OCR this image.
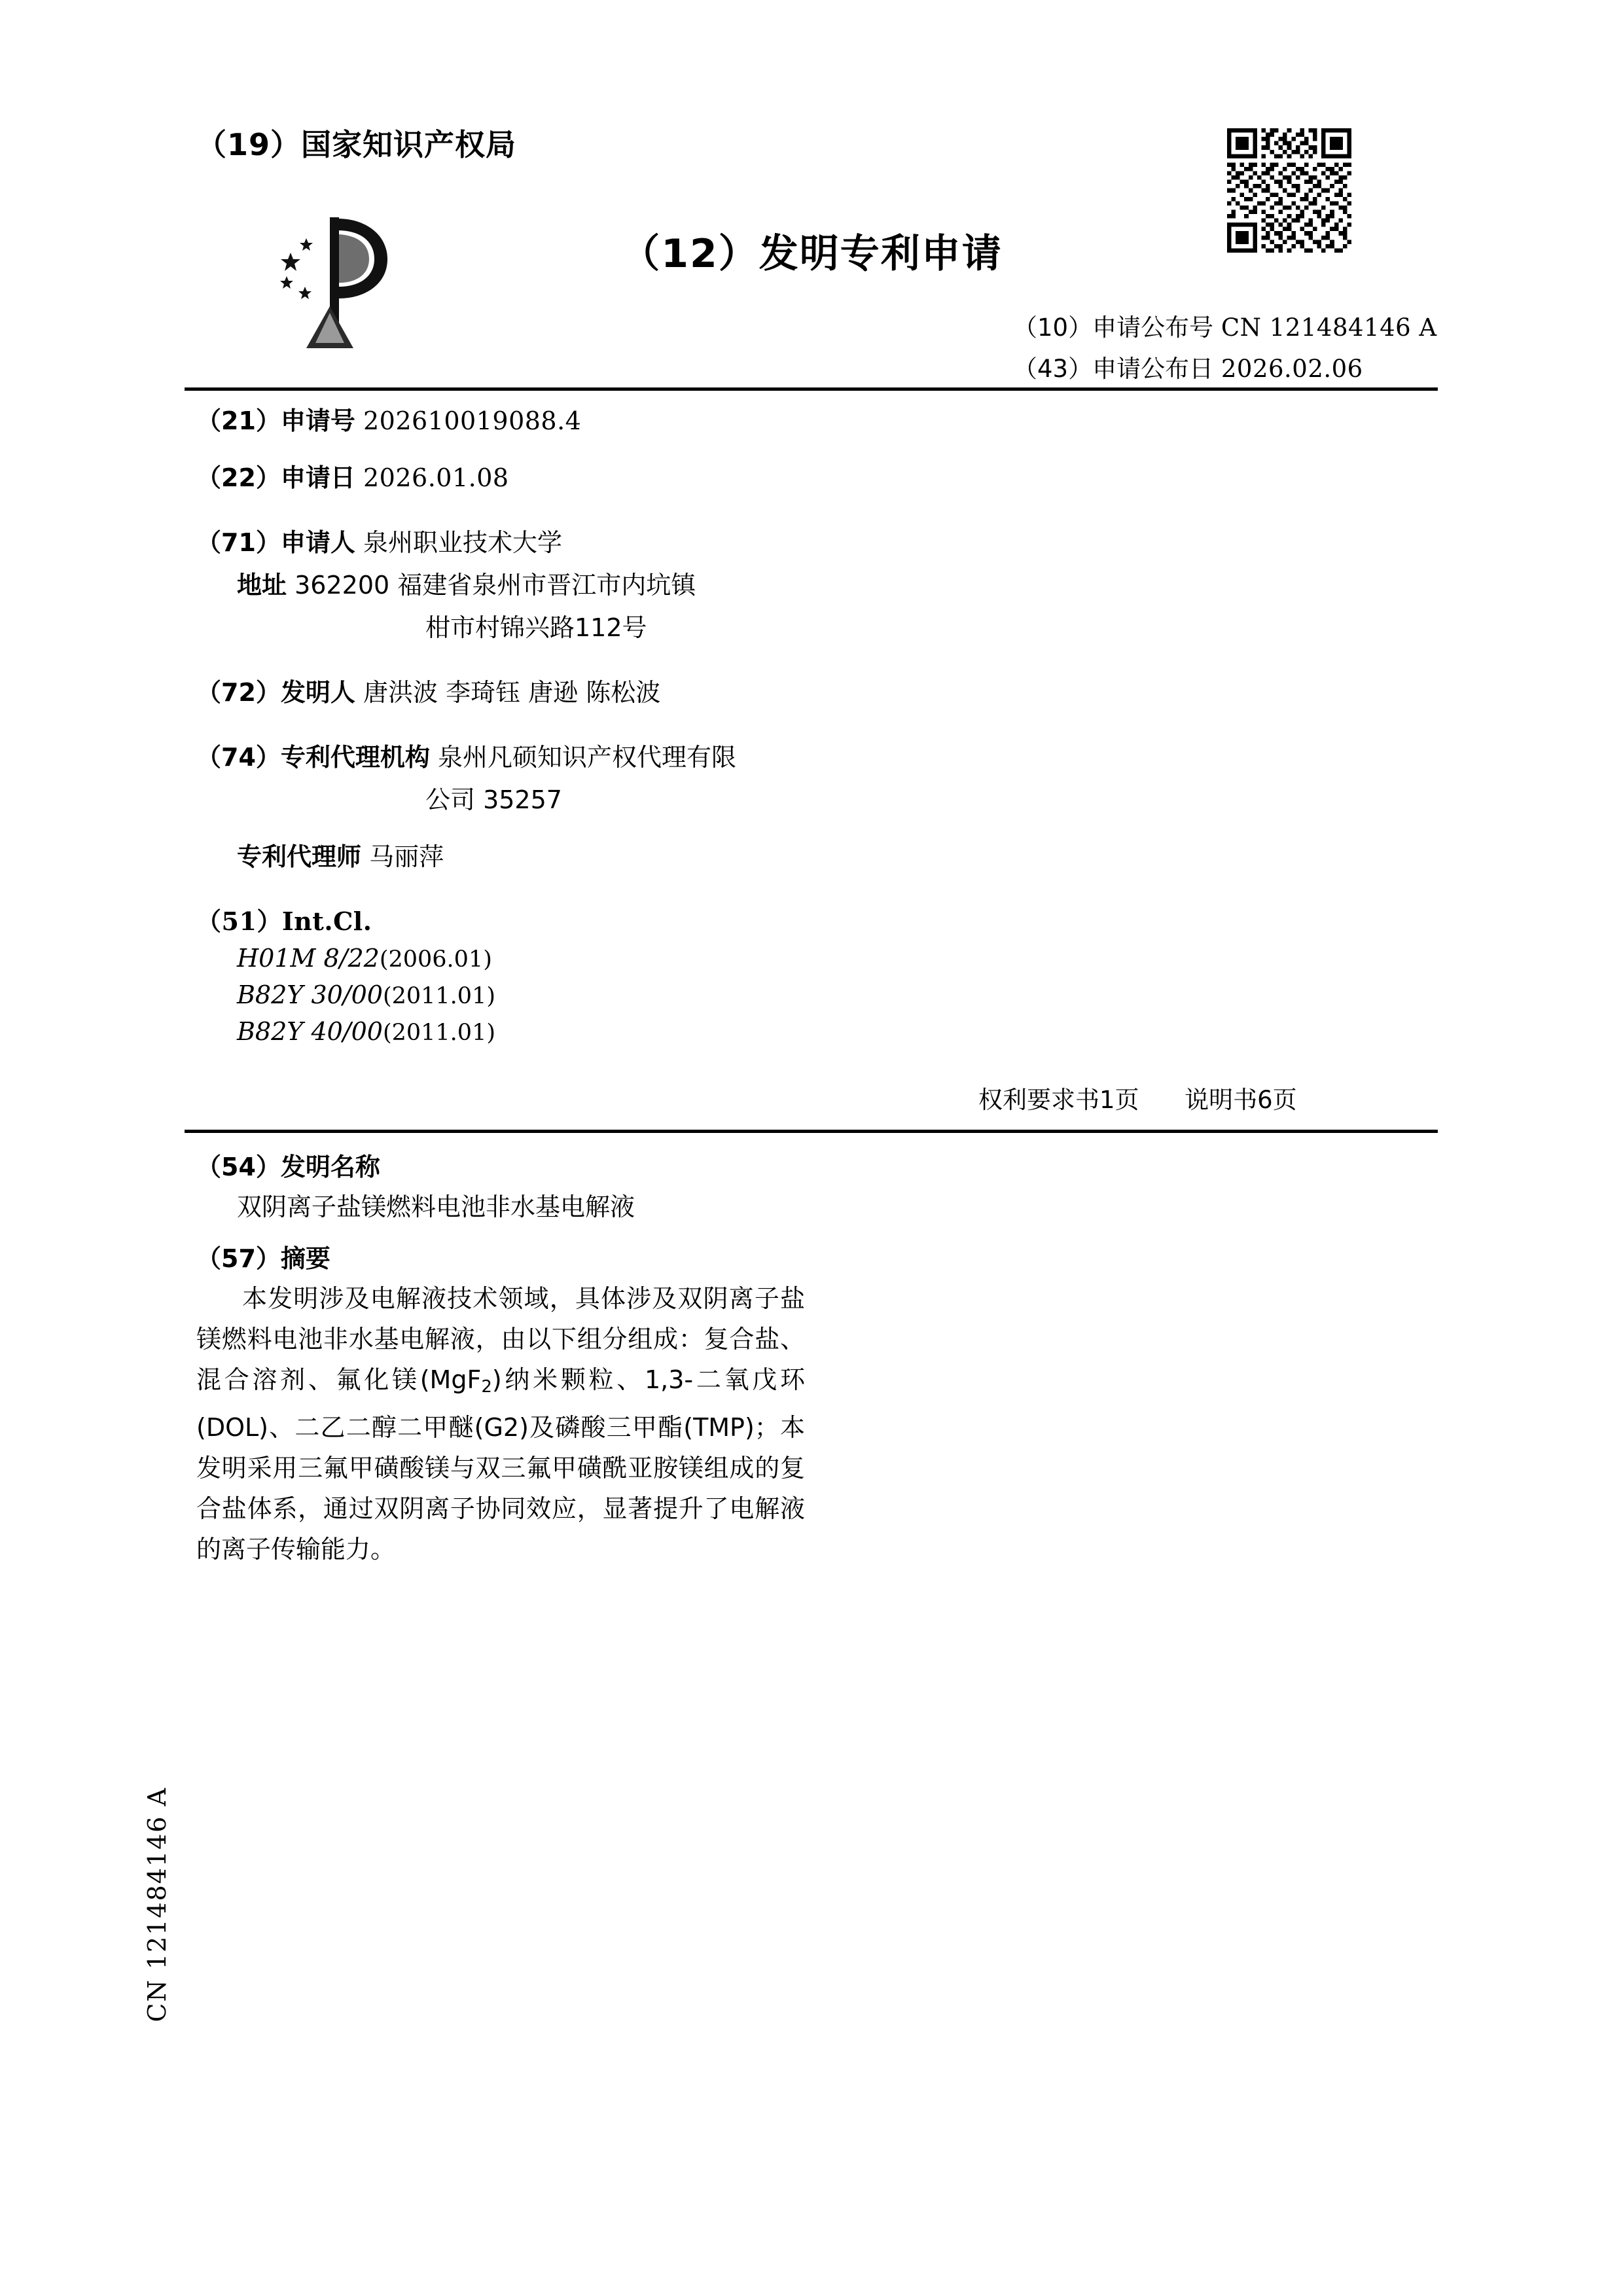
（19）国家知识产权局
（12）发明专利申请
（10）申请公布号 CN 121484146 A
（43）申请公布日 2026.02.06
（21）申请号 202610019088.4
（22）申请日 2026.01.08
（71）申请人 泉州职业技术大学
地址 362200 福建省泉州市晋江市内坑镇
柑市村锦兴路112号
（72）发明人 唐洪波 李琦钰 唐逊 陈松波
（74）专利代理机构 泉州凡硕知识产权代理有限
公司 35257
专利代理师 马丽萍
（51）Int.Cl.
H01M 8/22(2006.01)
B82Y 30/00(2011.01)
B82Y 40/00(2011.01)
权利要求书1页 说明书6页
（54）发明名称
双阴离子盐镁燃料电池非水基电解液
（57）摘要
本发明涉及电解液技术领域，具体涉及双阴离子盐镁燃料电池非水基电解液，由以下组分组成：复合盐、混合溶剂、氟化镁(MgF$_2$)纳米颗粒、1,3-二氧戊环(DOL)、二乙二醇二甲醚(G2)及磷酸三甲酯(TMP)；本发明采用三氟甲磺酸镁与双三氟甲磺酰亚胺镁组成的复合盐体系，通过双阴离子协同效应，显著提升了电解液的离子传输能力。
CN 121484146 A
